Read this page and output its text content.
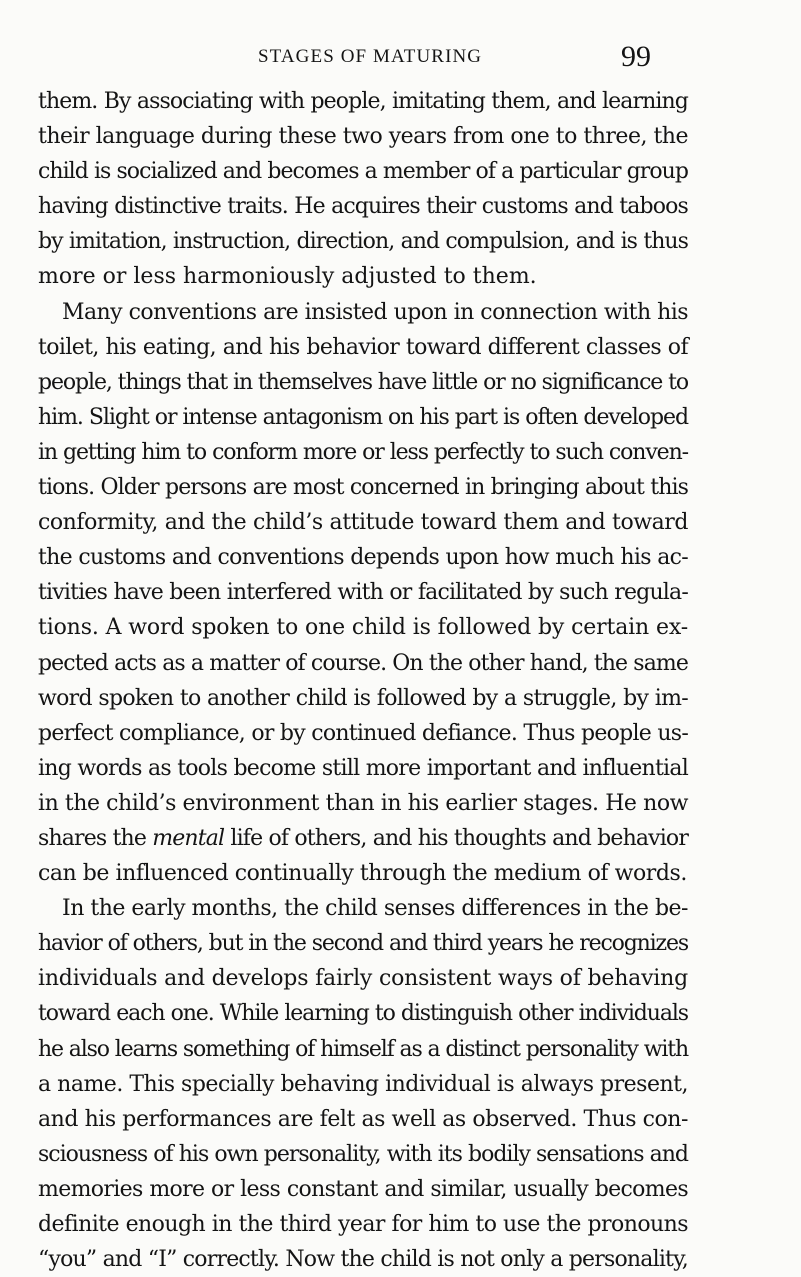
STAGES OF MATURING	99
them. By associating with people, imitating them, and learning
their language during these two years from one to three, the
child is socialized and becomes a member of a particular group
having distinctive traits. He acquires their customs and taboos
by imitation, instruction, direction, and compulsion, and is thus
more or less harmoniously adjusted to them.
Many conventions are insisted upon in connection with his
toilet, his eating, and his behavior toward different classes of
people, things that in themselves have little or no significance to
him. Slight or intense antagonism on his part is often developed
in getting him to conform more or less perfectly to such conven-
tions. Older persons are most concerned in bringing about this
conformity, and the child’s attitude toward them and toward
the customs and conventions depends upon how much his ac-
tivities have been interfered with or facilitated by such regula-
tions. A word spoken to one child is followed by certain ex-
pected acts as a matter of course. On the other hand, the same
word spoken to another child is followed by a struggle, by im-
perfect compliance, or by continued defiance. Thus people us-
ing words as tools become still more important and influential
in the child’s environment than in his earlier stages. He now
shares the mental life of others, and his thoughts and behavior
can be influenced continually through the medium of words.
In the early months, the child senses differences in the be-
havior of others, but in the second and third years he recognizes
individuals and develops fairly consistent ways of behaving
toward each one. While learning to distinguish other individuals
he also learns something of himself as a distinct personality with
a name. This specially behaving individual is always present,
and his performances are felt as well as observed. Thus con-
sciousness of his own personality, with its bodily sensations and
memories more or less constant and similar, usually becomes
definite enough in the third year for him to use the pronouns
“you” and “I” correctly. Now the child is not only a personality,
